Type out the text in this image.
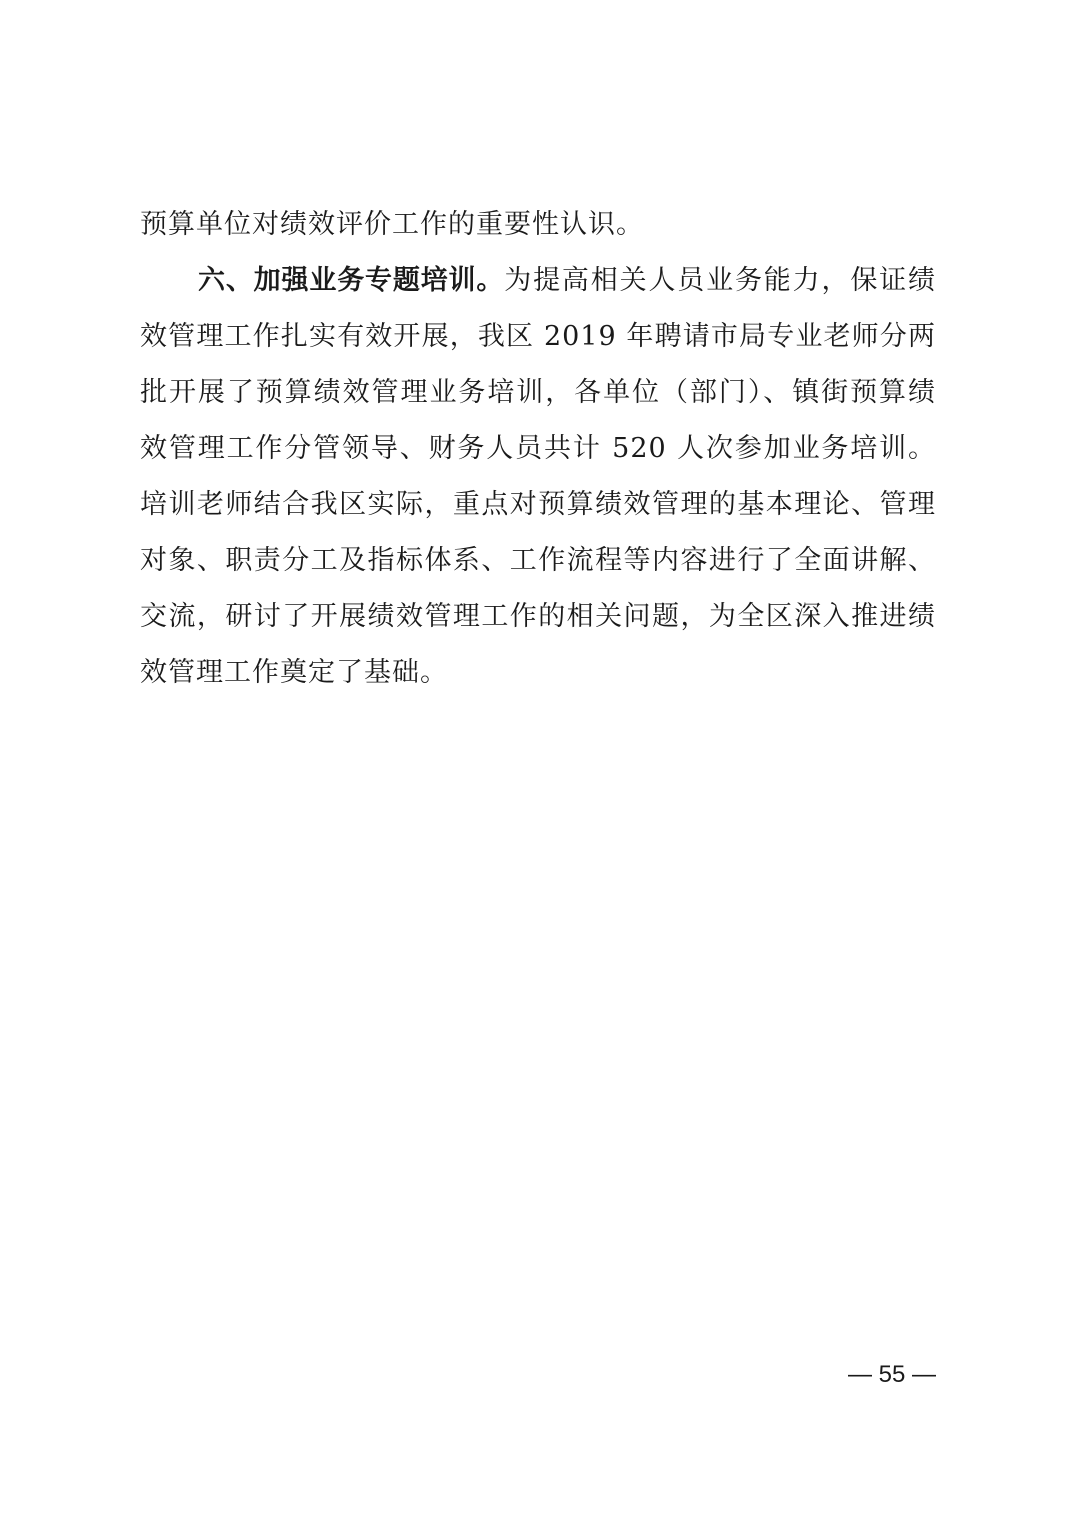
预算单位对绩效评价工作的重要性认识。

六、加强业务专题培训。为提高相关人员业务能力，保证绩效管理工作扎实有效开展，我区 2019 年聘请市局专业老师分两批开展了预算绩效管理业务培训，各单位（部门）、镇街预算绩效管理工作分管领导、财务人员共计 520 人次参加业务培训。培训老师结合我区实际，重点对预算绩效管理的基本理论、管理对象、职责分工及指标体系、工作流程等内容进行了全面讲解、交流，研讨了开展绩效管理工作的相关问题，为全区深入推进绩效管理工作奠定了基础。

— 55 —
